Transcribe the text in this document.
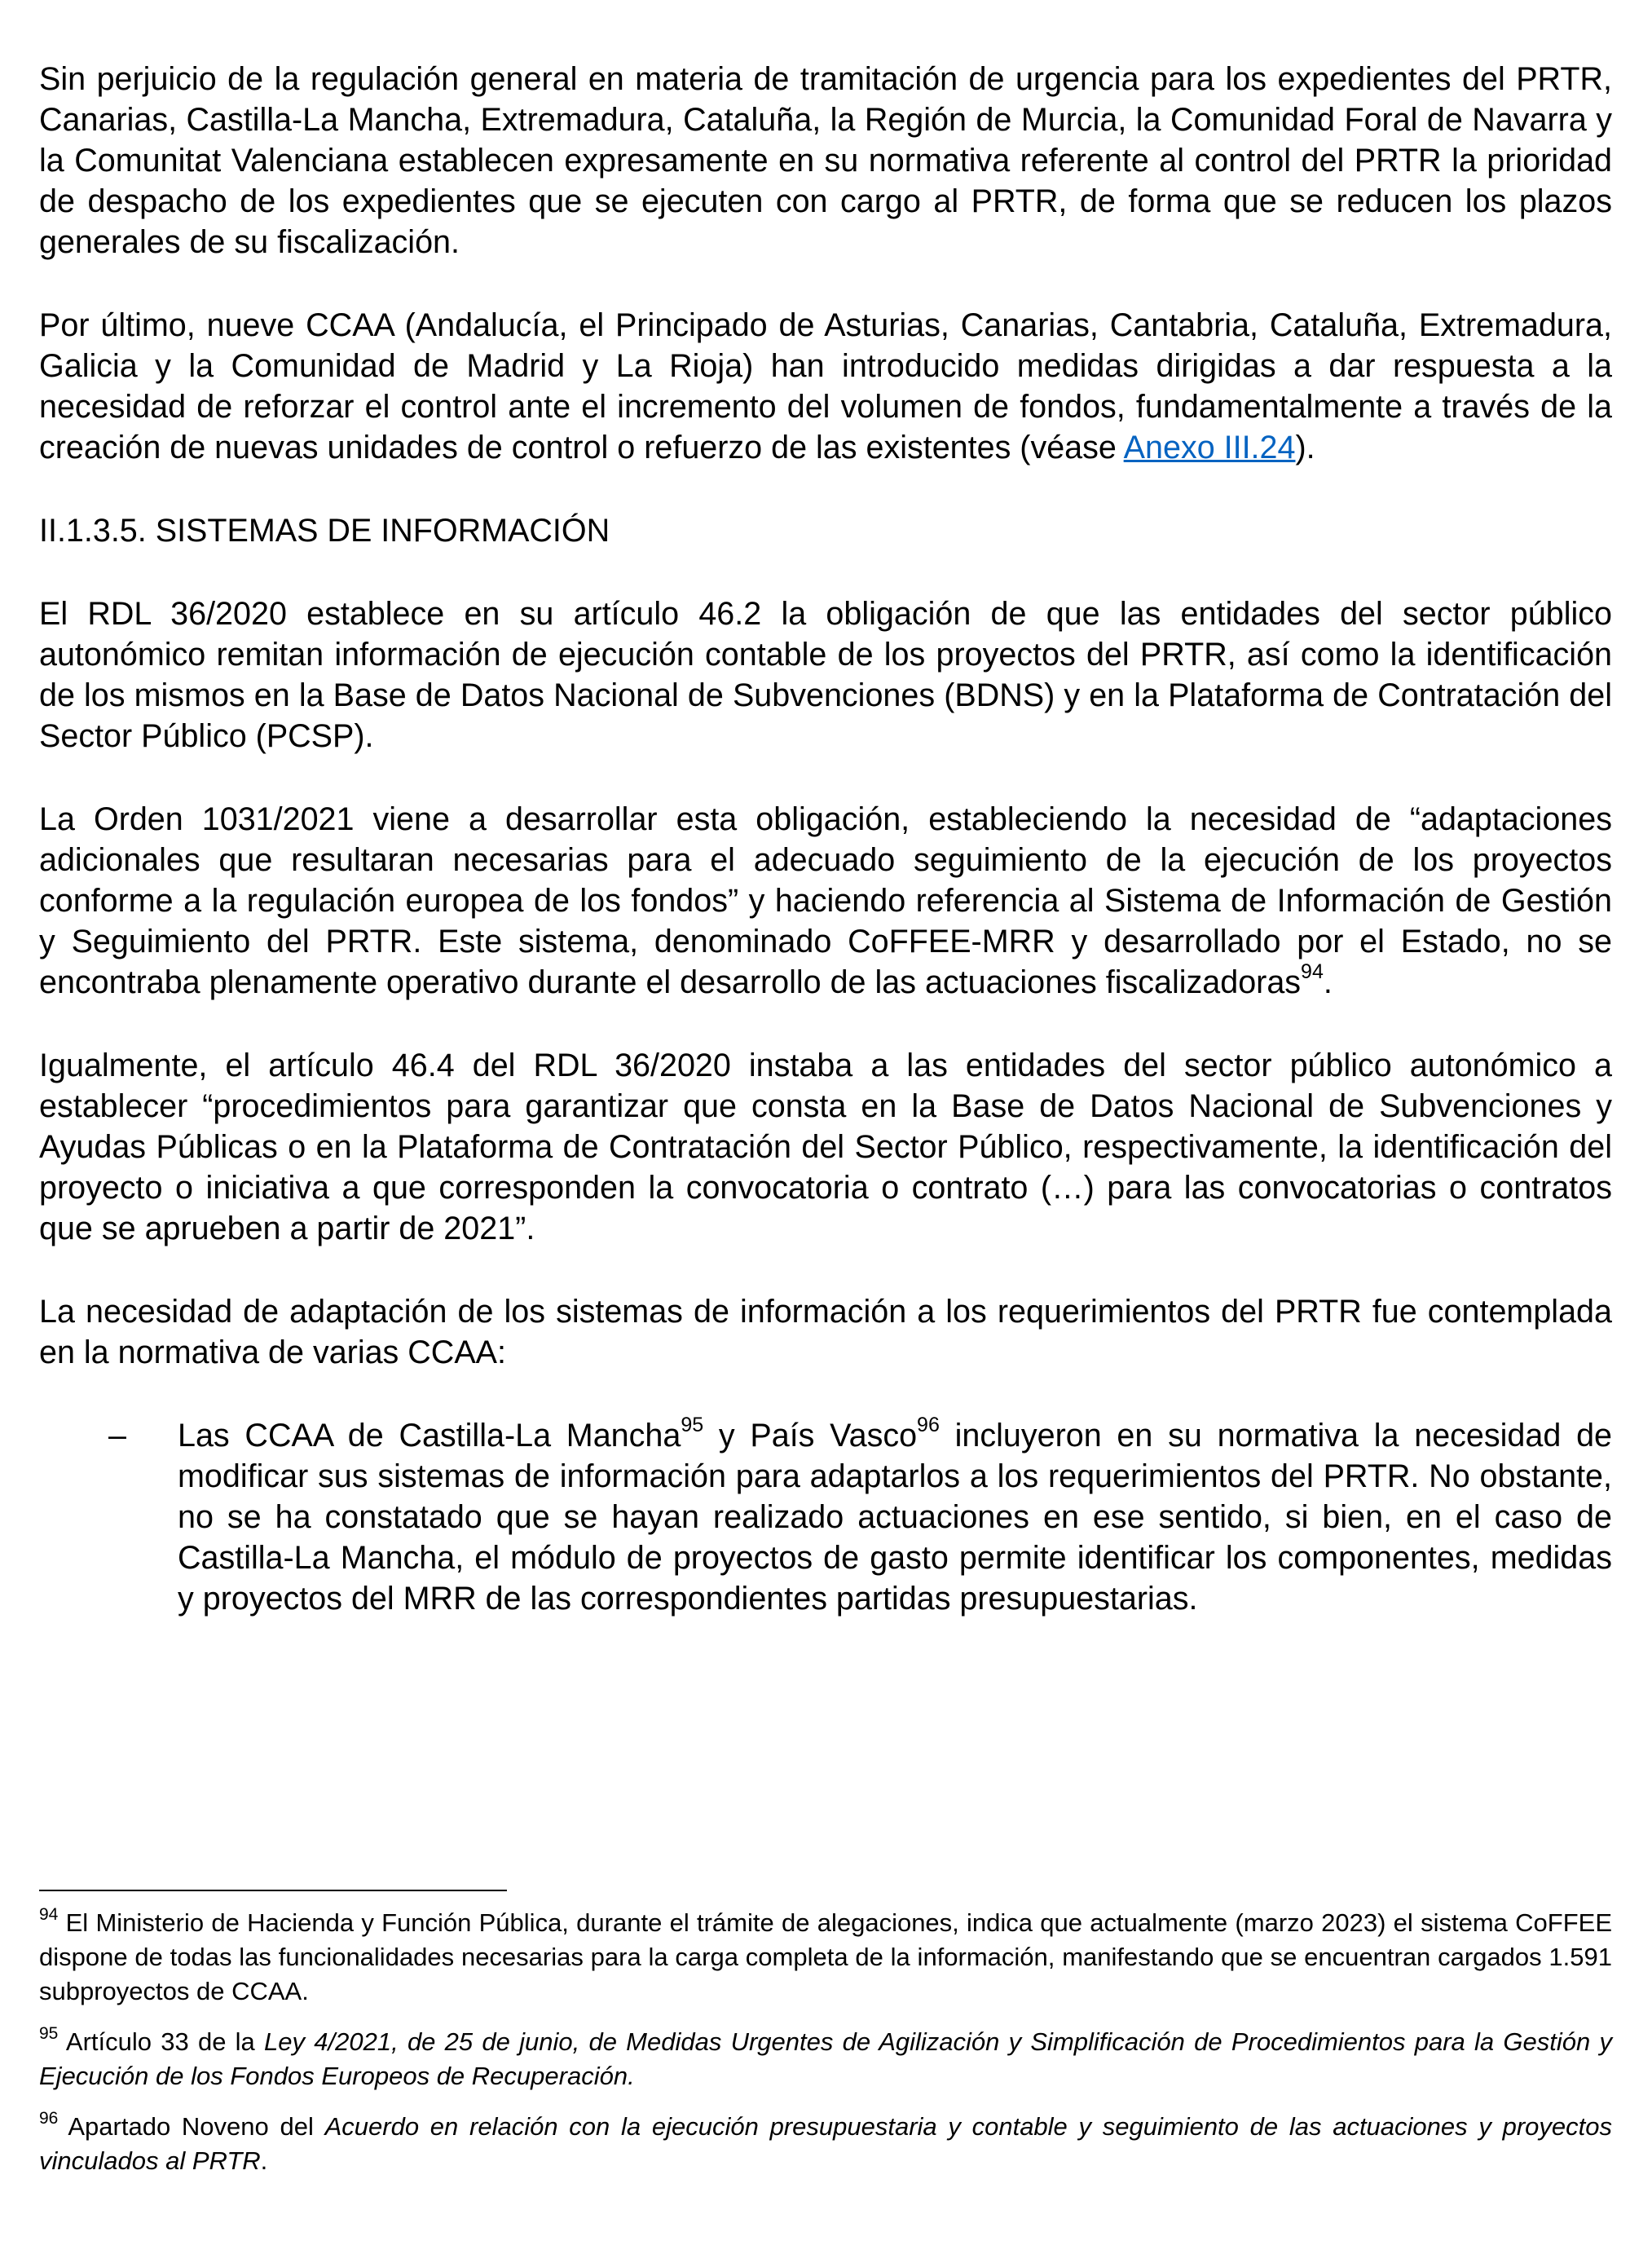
Sin perjuicio de la regulación general en materia de tramitación de urgencia para los expedientes del PRTR, Canarias, Castilla-La Mancha, Extremadura, Cataluña, la Región de Murcia, la Comunidad Foral de Navarra y la Comunitat Valenciana establecen expresamente en su normativa referente al control del PRTR la prioridad de despacho de los expedientes que se ejecuten con cargo al PRTR, de forma que se reducen los plazos generales de su fiscalización.

Por último, nueve CCAA (Andalucía, el Principado de Asturias, Canarias, Cantabria, Cataluña, Extremadura, Galicia y la Comunidad de Madrid y La Rioja) han introducido medidas dirigidas a dar respuesta a la necesidad de reforzar el control ante el incremento del volumen de fondos, fundamentalmente a través de la creación de nuevas unidades de control o refuerzo de las existentes (véase Anexo III.24).

II.1.3.5. SISTEMAS DE INFORMACIÓN

El RDL 36/2020 establece en su artículo 46.2 la obligación de que las entidades del sector público autonómico remitan información de ejecución contable de los proyectos del PRTR, así como la identificación de los mismos en la Base de Datos Nacional de Subvenciones (BDNS) y en la Plataforma de Contratación del Sector Público (PCSP).

La Orden 1031/2021 viene a desarrollar esta obligación, estableciendo la necesidad de “adaptaciones adicionales que resultaran necesarias para el adecuado seguimiento de la ejecución de los proyectos conforme a la regulación europea de los fondos” y haciendo referencia al Sistema de Información de Gestión y Seguimiento del PRTR. Este sistema, denominado CoFFEE-MRR y desarrollado por el Estado, no se encontraba plenamente operativo durante el desarrollo de las actuaciones fiscalizadoras$^{94}$.

Igualmente, el artículo 46.4 del RDL 36/2020 instaba a las entidades del sector público autonómico a establecer “procedimientos para garantizar que consta en la Base de Datos Nacional de Subvenciones y Ayudas Públicas o en la Plataforma de Contratación del Sector Público, respectivamente, la identificación del proyecto o iniciativa a que corresponden la convocatoria o contrato (…) para las convocatorias o contratos que se aprueben a partir de 2021”.

La necesidad de adaptación de los sistemas de información a los requerimientos del PRTR fue contemplada en la normativa de varias CCAA:

– Las CCAA de Castilla-La Mancha$^{95}$ y País Vasco$^{96}$ incluyeron en su normativa la necesidad de modificar sus sistemas de información para adaptarlos a los requerimientos del PRTR. No obstante, no se ha constatado que se hayan realizado actuaciones en ese sentido, si bien, en el caso de Castilla-La Mancha, el módulo de proyectos de gasto permite identificar los componentes, medidas y proyectos del MRR de las correspondientes partidas presupuestarias.

$^{94}$ El Ministerio de Hacienda y Función Pública, durante el trámite de alegaciones, indica que actualmente (marzo 2023) el sistema CoFFEE dispone de todas las funcionalidades necesarias para la carga completa de la información, manifestando que se encuentran cargados 1.591 subproyectos de CCAA.

$^{95}$ Artículo 33 de la Ley 4/2021, de 25 de junio, de Medidas Urgentes de Agilización y Simplificación de Procedimientos para la Gestión y Ejecución de los Fondos Europeos de Recuperación.

$^{96}$ Apartado Noveno del Acuerdo en relación con la ejecución presupuestaria y contable y seguimiento de las actuaciones y proyectos vinculados al PRTR.
